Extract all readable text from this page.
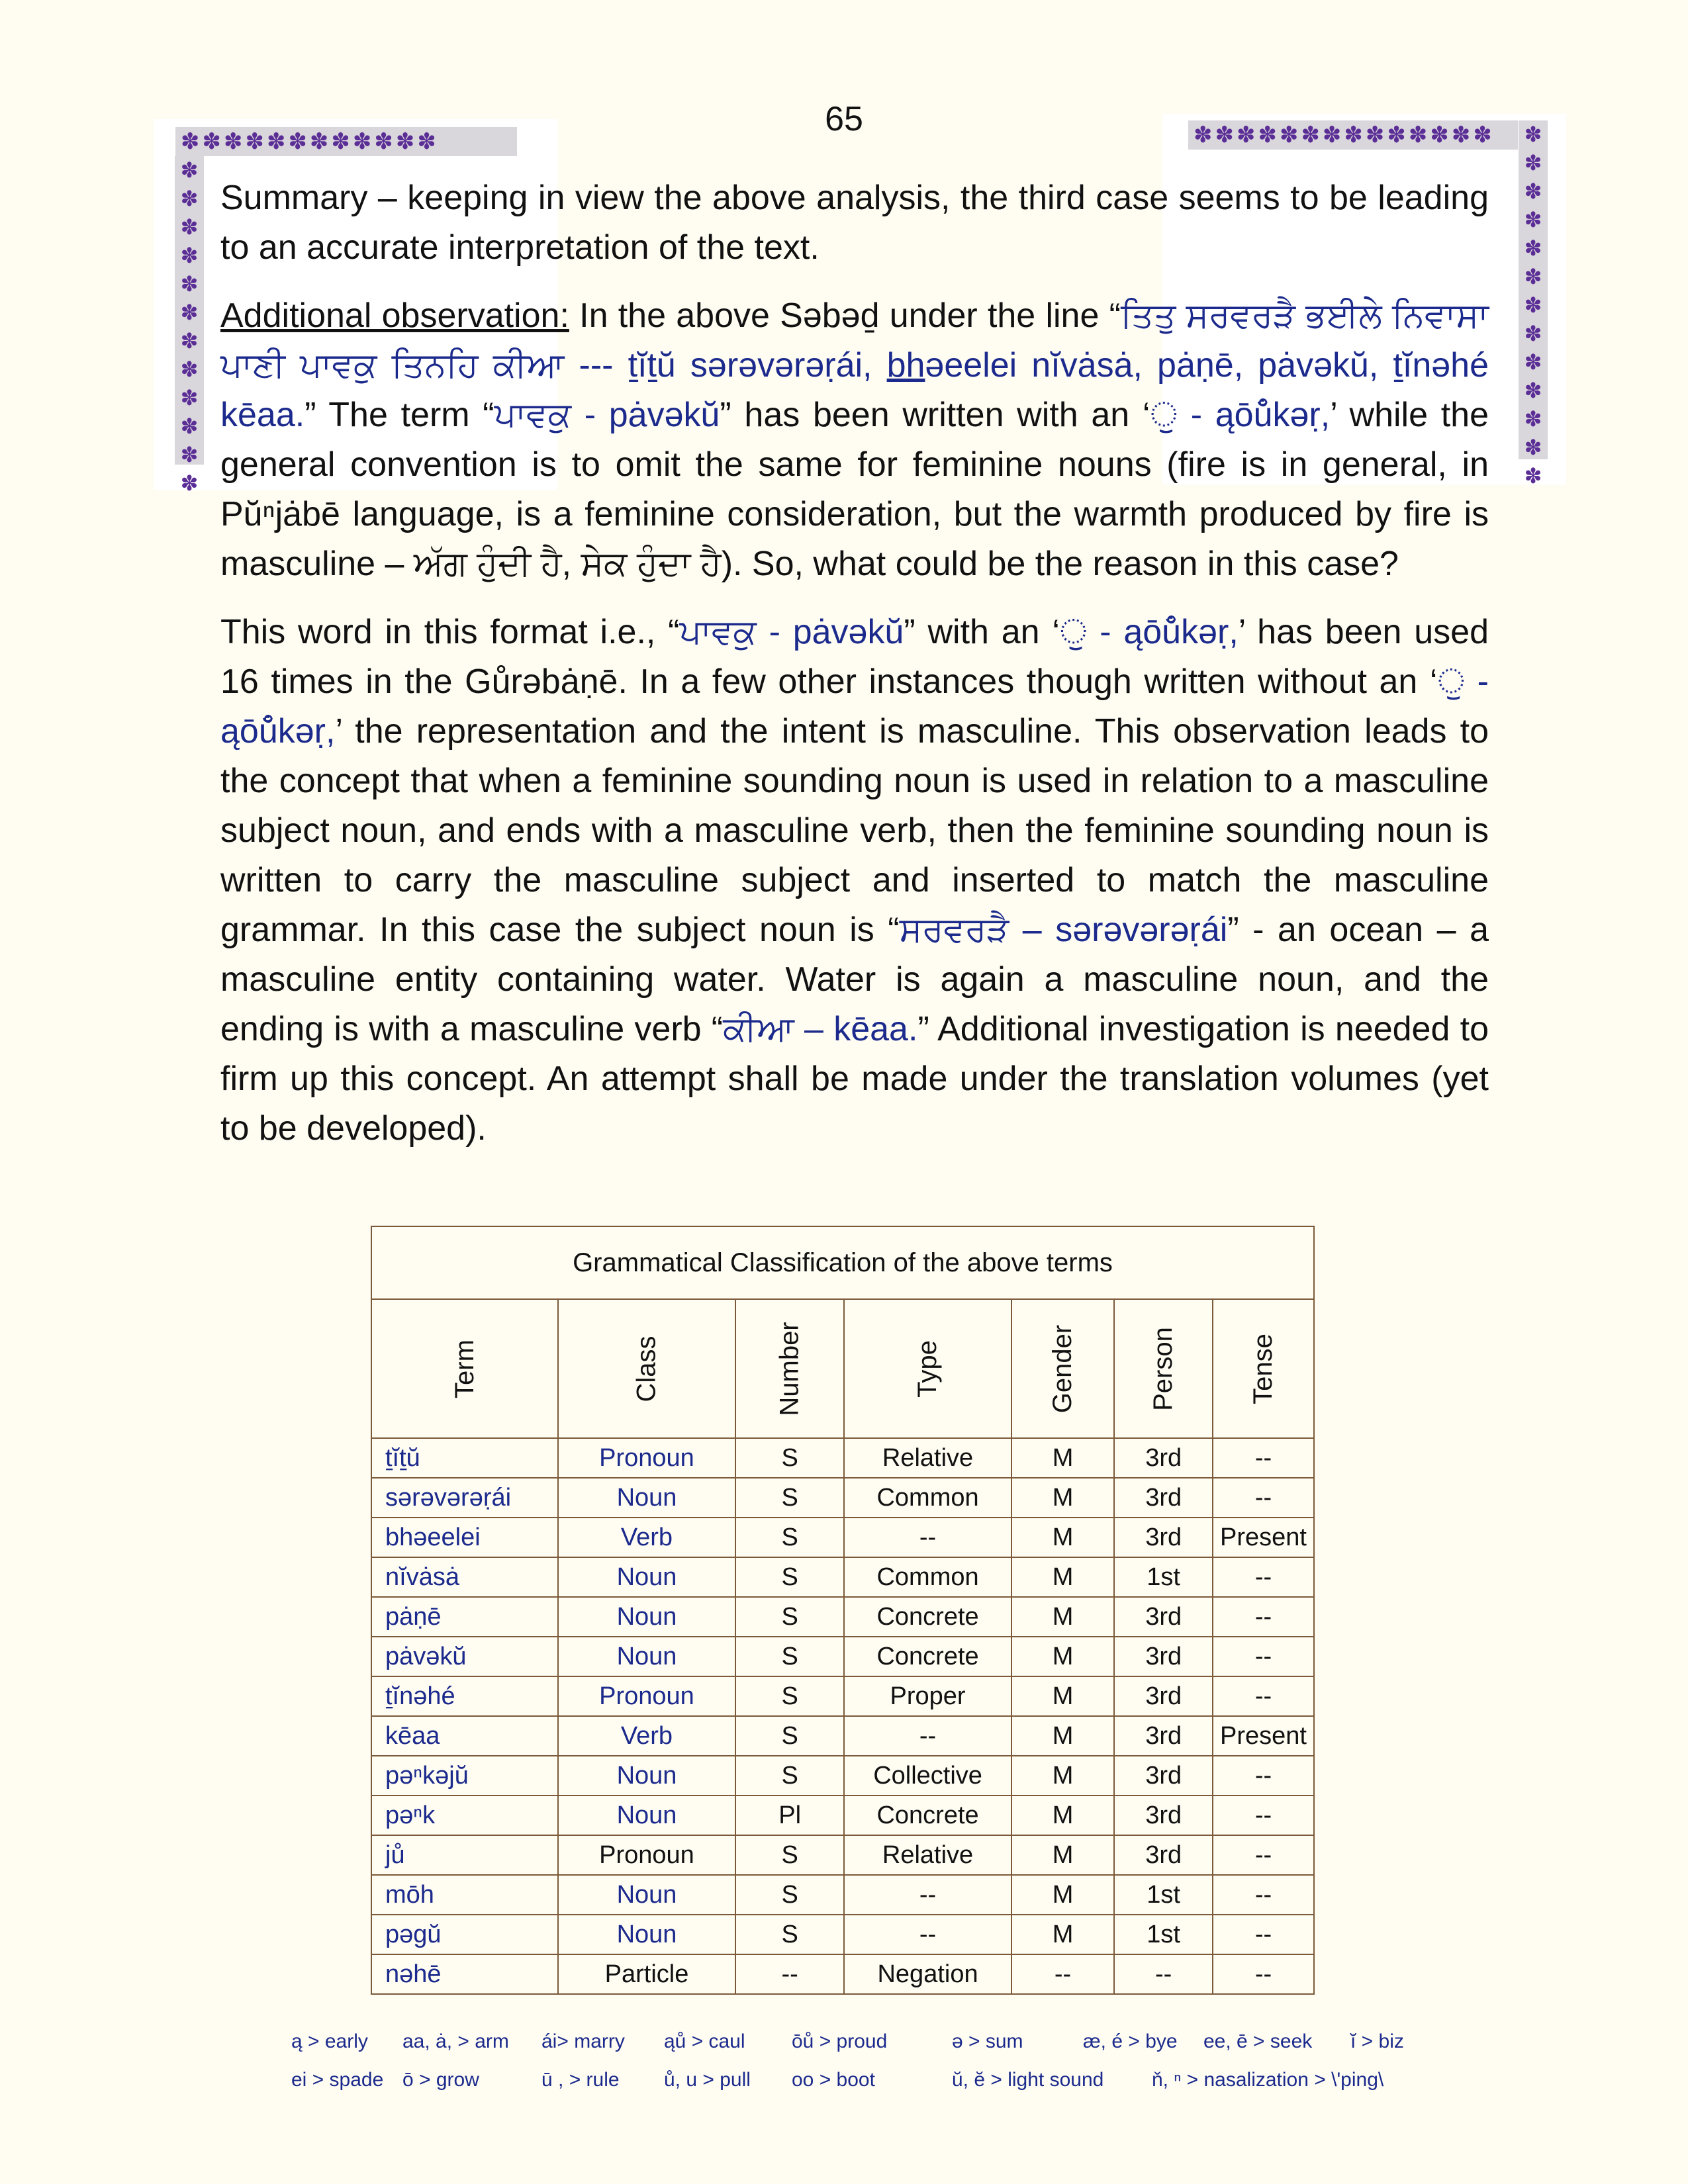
✽✽✽✽✽✽✽✽✽✽✽✽	✽✽✽✽✽✽✽✽✽✽✽✽✽✽
✽ ✽ ✽ ✽ ✽ ✽ ✽ ✽ ✽ ✽ ✽ ✽
✽ ✽ ✽ ✽ ✽ ✽ ✽ ✽ ✽ ✽ ✽ ✽ ✽
65

Summary – keeping in view the above analysis, the third case seems to be leading to an accurate interpretation of the text.

Additional observation: In the above Səbəḏ under the line “ਤਿਤੁ ਸਰਵਰੜੈ ਭਈਲੇ ਨਿਵਾਸਾ ਪਾਣੀ ਪਾਵਕੁ ਤਿਨਹਿ ਕੀਆ --- ṯĭṯŭ sərəvərəṛái, bhəeelei nĭvȧsȧ, pȧṇē, pȧvəkŭ, ṯĭnəhé kēaa.” The term “ਪਾਵਕੁ - pȧvəkŭ” has been written with an ‘ੁ - ąōů̐kəṛ,’ while the general convention is to omit the same for feminine nouns (fire is in general, in Pŭⁿjȧbē language, is a feminine consideration, but the warmth produced by fire is masculine – ਅੱਗ ਹੁੰਦੀ ਹੈ, ਸੇਕ ਹੁੰਦਾ ਹੈ). So, what could be the reason in this case?

This word in this format i.e., “ਪਾਵਕੁ - pȧvəkŭ” with an ‘ੁ - ąōů̐kəṛ,’ has been used 16 times in the Gůrəbȧṇē. In a few other instances though written without an ‘ੁ - ąōů̐kəṛ,’ the representation and the intent is masculine. This observation leads to the concept that when a feminine sounding noun is used in relation to a masculine subject noun, and ends with a masculine verb, then the feminine sounding noun is written to carry the masculine subject and inserted to match the masculine grammar. In this case the subject noun is “ਸਰਵਰੜੈ – sərəvərəṛái” - an ocean – a masculine entity containing water. Water is again a masculine noun, and the ending is with a masculine verb “ਕੀਆ – kēaa.” Additional investigation is needed to firm up this concept. An attempt shall be made under the translation volumes (yet to be developed).

Grammatical Classification of the above terms						
Term	Class	Number	Type	Gender	Person	Tense
ṯĭṯŭ	Pronoun	S	Relative	M	3rd	--
sərəvərəṛái	Noun	S	Common	M	3rd	--
bhəeelei	Verb	S	--	M	3rd	Present
nĭvȧsȧ	Noun	S	Common	M	1st	--
pȧṇē	Noun	S	Concrete	M	3rd	--
pȧvəkŭ	Noun	S	Concrete	M	3rd	--
ṯĭnəhé	Pronoun	S	Proper	M	3rd	--
kēaa	Verb	S	--	M	3rd	Present
pəⁿkəjŭ	Noun	S	Collective	M	3rd	--
pəⁿk	Noun	Pl	Concrete	M	3rd	--
jů	Pronoun	S	Relative	M	3rd	--
mōh	Noun	S	--	M	1st	--
pəgŭ	Noun	S	--	M	1st	--
nəhē	Particle	--	Negation	--	--	--
ą > early aa, ȧ, > arm ái> marry ąů > caul ōů > proud	ə > sum	æ, é > bye ee, ē > seek ĭ > biz
ei > spade ō > grow	ū , > rule ů, u > pull oo > boot	ŭ, ĕ > light sound ň, ⁿ > nasalization > \'ping\
